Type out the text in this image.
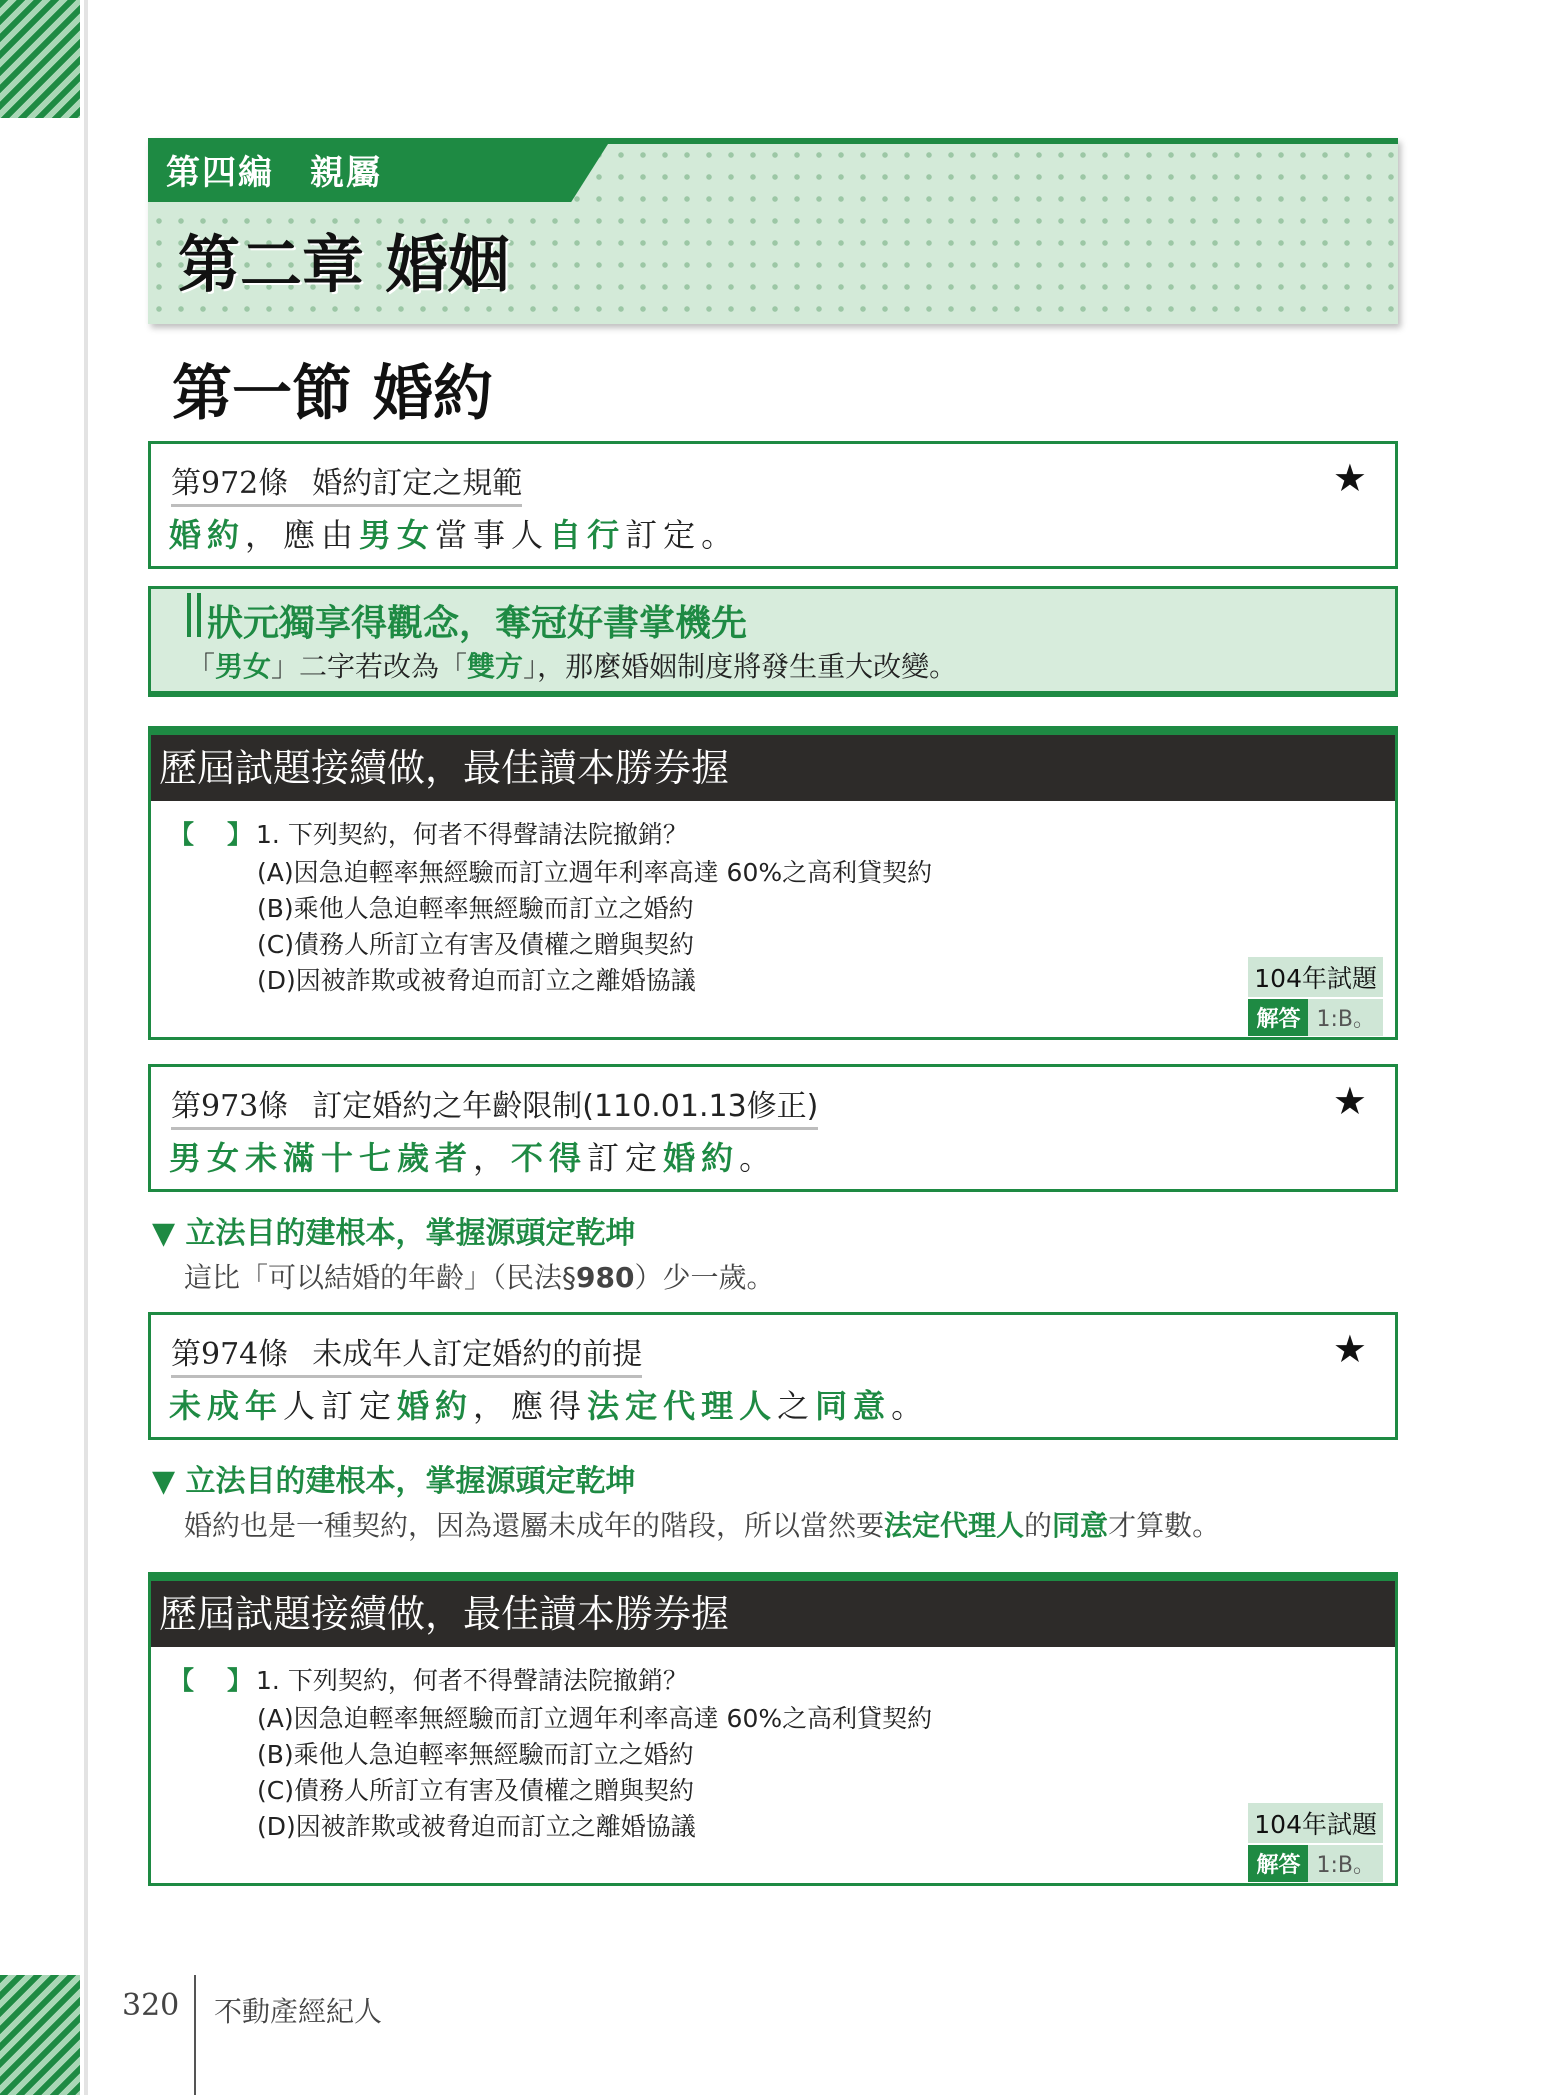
第四編　親屬
第二章 婚姻
第一節 婚約
第972條 婚約訂定之規範	★
婚約，應由男女當事人自行訂定。
狀元獨享得觀念，奪冠好書掌機先
「男女」二字若改為「雙方」，那麼婚姻制度將發生重大改變。
歷屆試題接續做，最佳讀本勝券握
【　】1. 下列契約，何者不得聲請法院撤銷？
(A)因急迫輕率無經驗而訂立週年利率高達 60%之高利貸契約
(B)乘他人急迫輕率無經驗而訂立之婚約
(C)債務人所訂立有害及債權之贈與契約
(D)因被詐欺或被脅迫而訂立之離婚協議	104年試題
解答 1:B。
第973條 訂定婚約之年齡限制(110.01.13修正)	★
男女未滿十七歲者，不得訂定婚約。
▼ 立法目的建根本，掌握源頭定乾坤
這比「可以結婚的年齡」（民法§980）少一歲。
第974條 未成年人訂定婚約的前提	★
未成年人訂定婚約，應得法定代理人之同意。
▼ 立法目的建根本，掌握源頭定乾坤
婚約也是一種契約，因為還屬未成年的階段，所以當然要法定代理人的同意才算數。
歷屆試題接續做，最佳讀本勝券握
【　】1. 下列契約，何者不得聲請法院撤銷？
(A)因急迫輕率無經驗而訂立週年利率高達 60%之高利貸契約
(B)乘他人急迫輕率無經驗而訂立之婚約
(C)債務人所訂立有害及債權之贈與契約
(D)因被詐欺或被脅迫而訂立之離婚協議	104年試題
解答 1:B。
320 不動產經紀人
